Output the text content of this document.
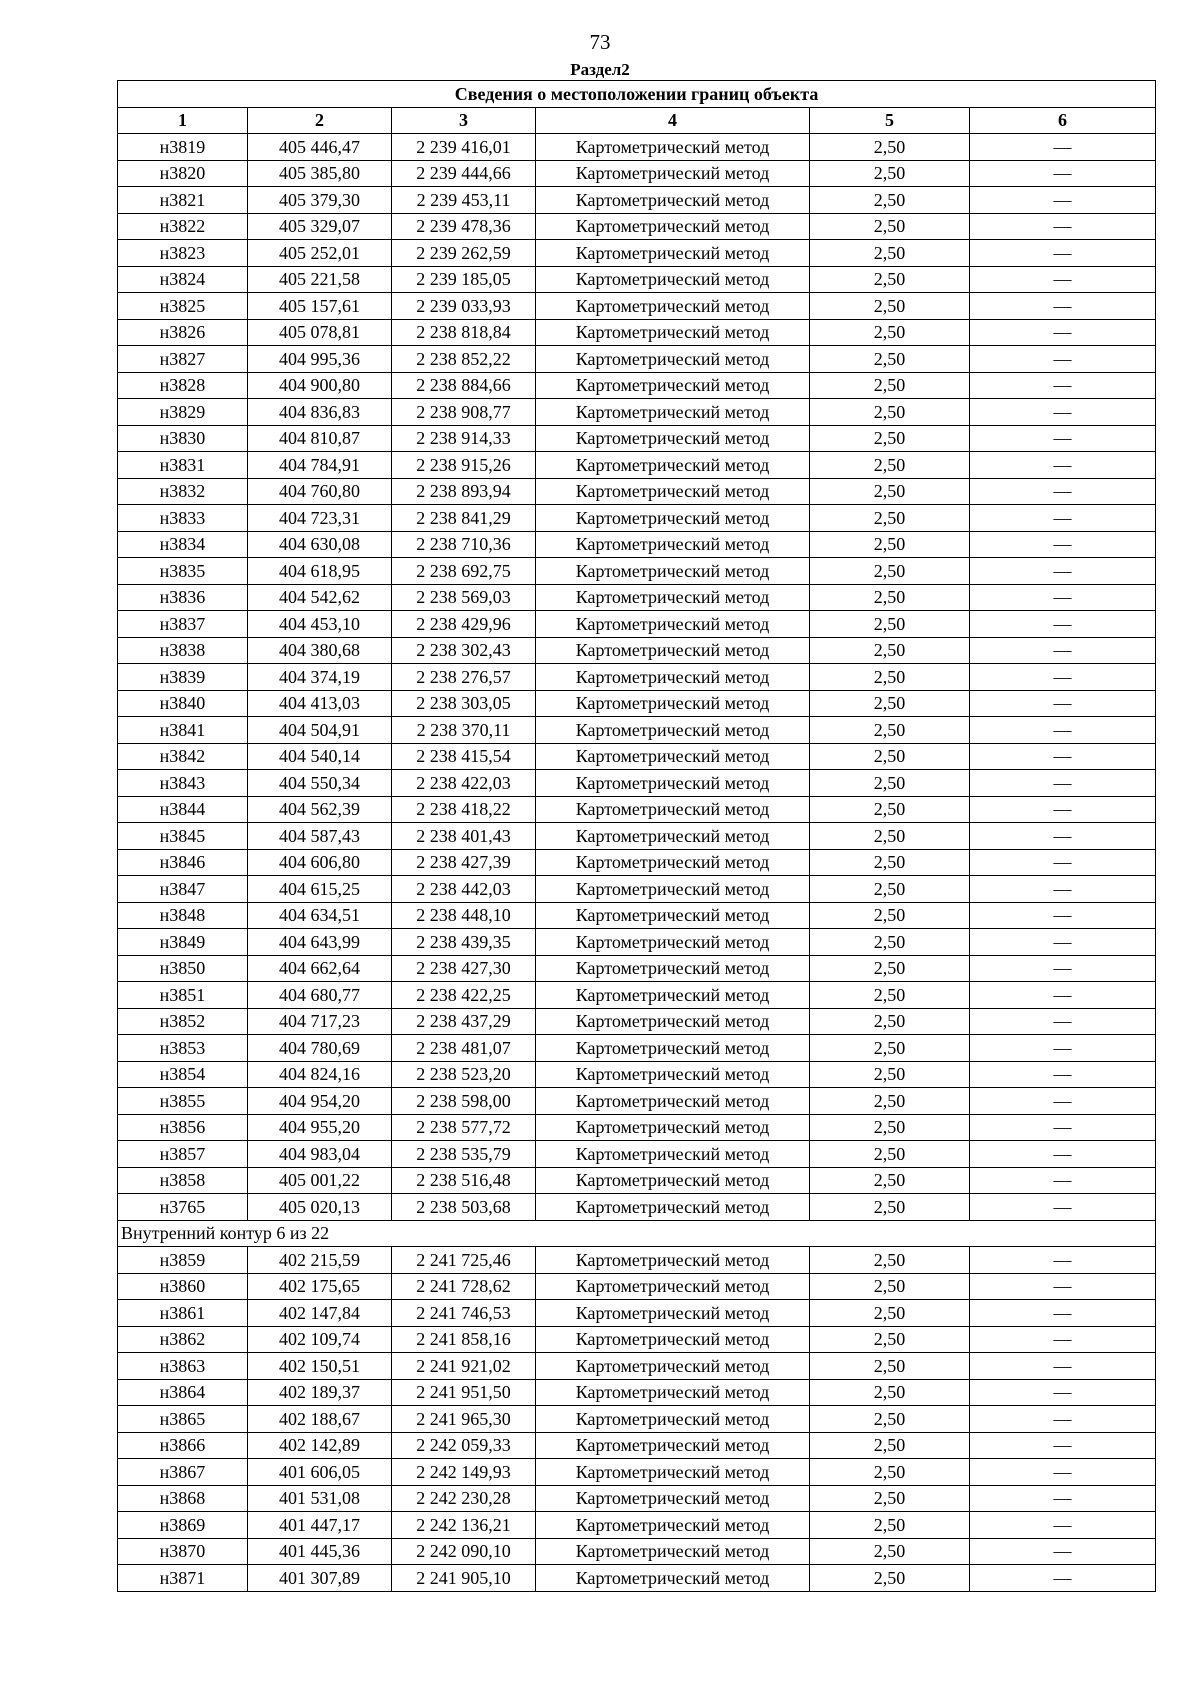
73
Раздел2
Сведения о местоположении границ объекта					
1	2	3	4	5	6
н3819	405 446,47	2 239 416,01	Картометрический метод	2,50	—
н3820	405 385,80	2 239 444,66	Картометрический метод	2,50	—
н3821	405 379,30	2 239 453,11	Картометрический метод	2,50	—
н3822	405 329,07	2 239 478,36	Картометрический метод	2,50	—
н3823	405 252,01	2 239 262,59	Картометрический метод	2,50	—
н3824	405 221,58	2 239 185,05	Картометрический метод	2,50	—
н3825	405 157,61	2 239 033,93	Картометрический метод	2,50	—
н3826	405 078,81	2 238 818,84	Картометрический метод	2,50	—
н3827	404 995,36	2 238 852,22	Картометрический метод	2,50	—
н3828	404 900,80	2 238 884,66	Картометрический метод	2,50	—
н3829	404 836,83	2 238 908,77	Картометрический метод	2,50	—
н3830	404 810,87	2 238 914,33	Картометрический метод	2,50	—
н3831	404 784,91	2 238 915,26	Картометрический метод	2,50	—
н3832	404 760,80	2 238 893,94	Картометрический метод	2,50	—
н3833	404 723,31	2 238 841,29	Картометрический метод	2,50	—
н3834	404 630,08	2 238 710,36	Картометрический метод	2,50	—
н3835	404 618,95	2 238 692,75	Картометрический метод	2,50	—
н3836	404 542,62	2 238 569,03	Картометрический метод	2,50	—
н3837	404 453,10	2 238 429,96	Картометрический метод	2,50	—
н3838	404 380,68	2 238 302,43	Картометрический метод	2,50	—
н3839	404 374,19	2 238 276,57	Картометрический метод	2,50	—
н3840	404 413,03	2 238 303,05	Картометрический метод	2,50	—
н3841	404 504,91	2 238 370,11	Картометрический метод	2,50	—
н3842	404 540,14	2 238 415,54	Картометрический метод	2,50	—
н3843	404 550,34	2 238 422,03	Картометрический метод	2,50	—
н3844	404 562,39	2 238 418,22	Картометрический метод	2,50	—
н3845	404 587,43	2 238 401,43	Картометрический метод	2,50	—
н3846	404 606,80	2 238 427,39	Картометрический метод	2,50	—
н3847	404 615,25	2 238 442,03	Картометрический метод	2,50	—
н3848	404 634,51	2 238 448,10	Картометрический метод	2,50	—
н3849	404 643,99	2 238 439,35	Картометрический метод	2,50	—
н3850	404 662,64	2 238 427,30	Картометрический метод	2,50	—
н3851	404 680,77	2 238 422,25	Картометрический метод	2,50	—
н3852	404 717,23	2 238 437,29	Картометрический метод	2,50	—
н3853	404 780,69	2 238 481,07	Картометрический метод	2,50	—
н3854	404 824,16	2 238 523,20	Картометрический метод	2,50	—
н3855	404 954,20	2 238 598,00	Картометрический метод	2,50	—
н3856	404 955,20	2 238 577,72	Картометрический метод	2,50	—
н3857	404 983,04	2 238 535,79	Картометрический метод	2,50	—
н3858	405 001,22	2 238 516,48	Картометрический метод	2,50	—
н3765	405 020,13	2 238 503,68	Картометрический метод	2,50	—
Внутренний контур 6 из 22					
н3859	402 215,59	2 241 725,46	Картометрический метод	2,50	—
н3860	402 175,65	2 241 728,62	Картометрический метод	2,50	—
н3861	402 147,84	2 241 746,53	Картометрический метод	2,50	—
н3862	402 109,74	2 241 858,16	Картометрический метод	2,50	—
н3863	402 150,51	2 241 921,02	Картометрический метод	2,50	—
н3864	402 189,37	2 241 951,50	Картометрический метод	2,50	—
н3865	402 188,67	2 241 965,30	Картометрический метод	2,50	—
н3866	402 142,89	2 242 059,33	Картометрический метод	2,50	—
н3867	401 606,05	2 242 149,93	Картометрический метод	2,50	—
н3868	401 531,08	2 242 230,28	Картометрический метод	2,50	—
н3869	401 447,17	2 242 136,21	Картометрический метод	2,50	—
н3870	401 445,36	2 242 090,10	Картометрический метод	2,50	—
н3871	401 307,89	2 241 905,10	Картометрический метод	2,50	—
